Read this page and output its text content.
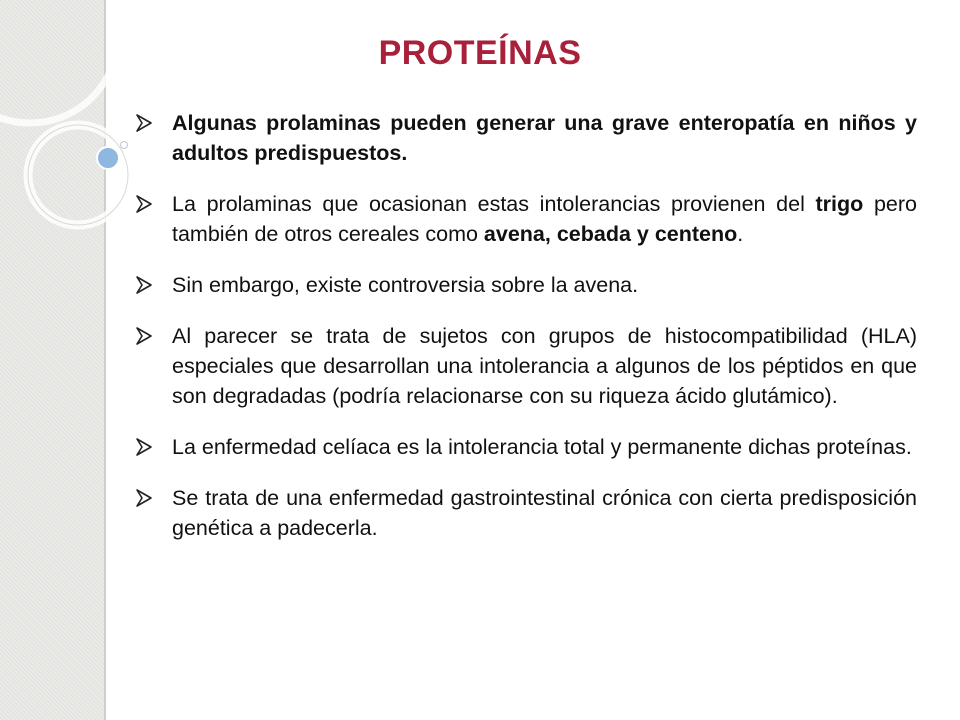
PROTEÍNAS
Algunas prolaminas pueden generar una grave enteropatía en niños y adultos predispuestos.
La prolaminas que ocasionan estas intolerancias provienen del trigo pero también de otros cereales como avena, cebada y centeno.
Sin embargo, existe controversia sobre la avena.
Al parecer se trata de sujetos con grupos de histocompatibilidad (HLA) especiales que desarrollan una intolerancia a algunos de los péptidos en que son degradadas (podría relacionarse con su riqueza ácido glutámico).
La enfermedad celíaca es la intolerancia total y permanente dichas proteínas.
Se trata de una enfermedad gastrointestinal crónica con cierta predisposición genética a padecerla.
